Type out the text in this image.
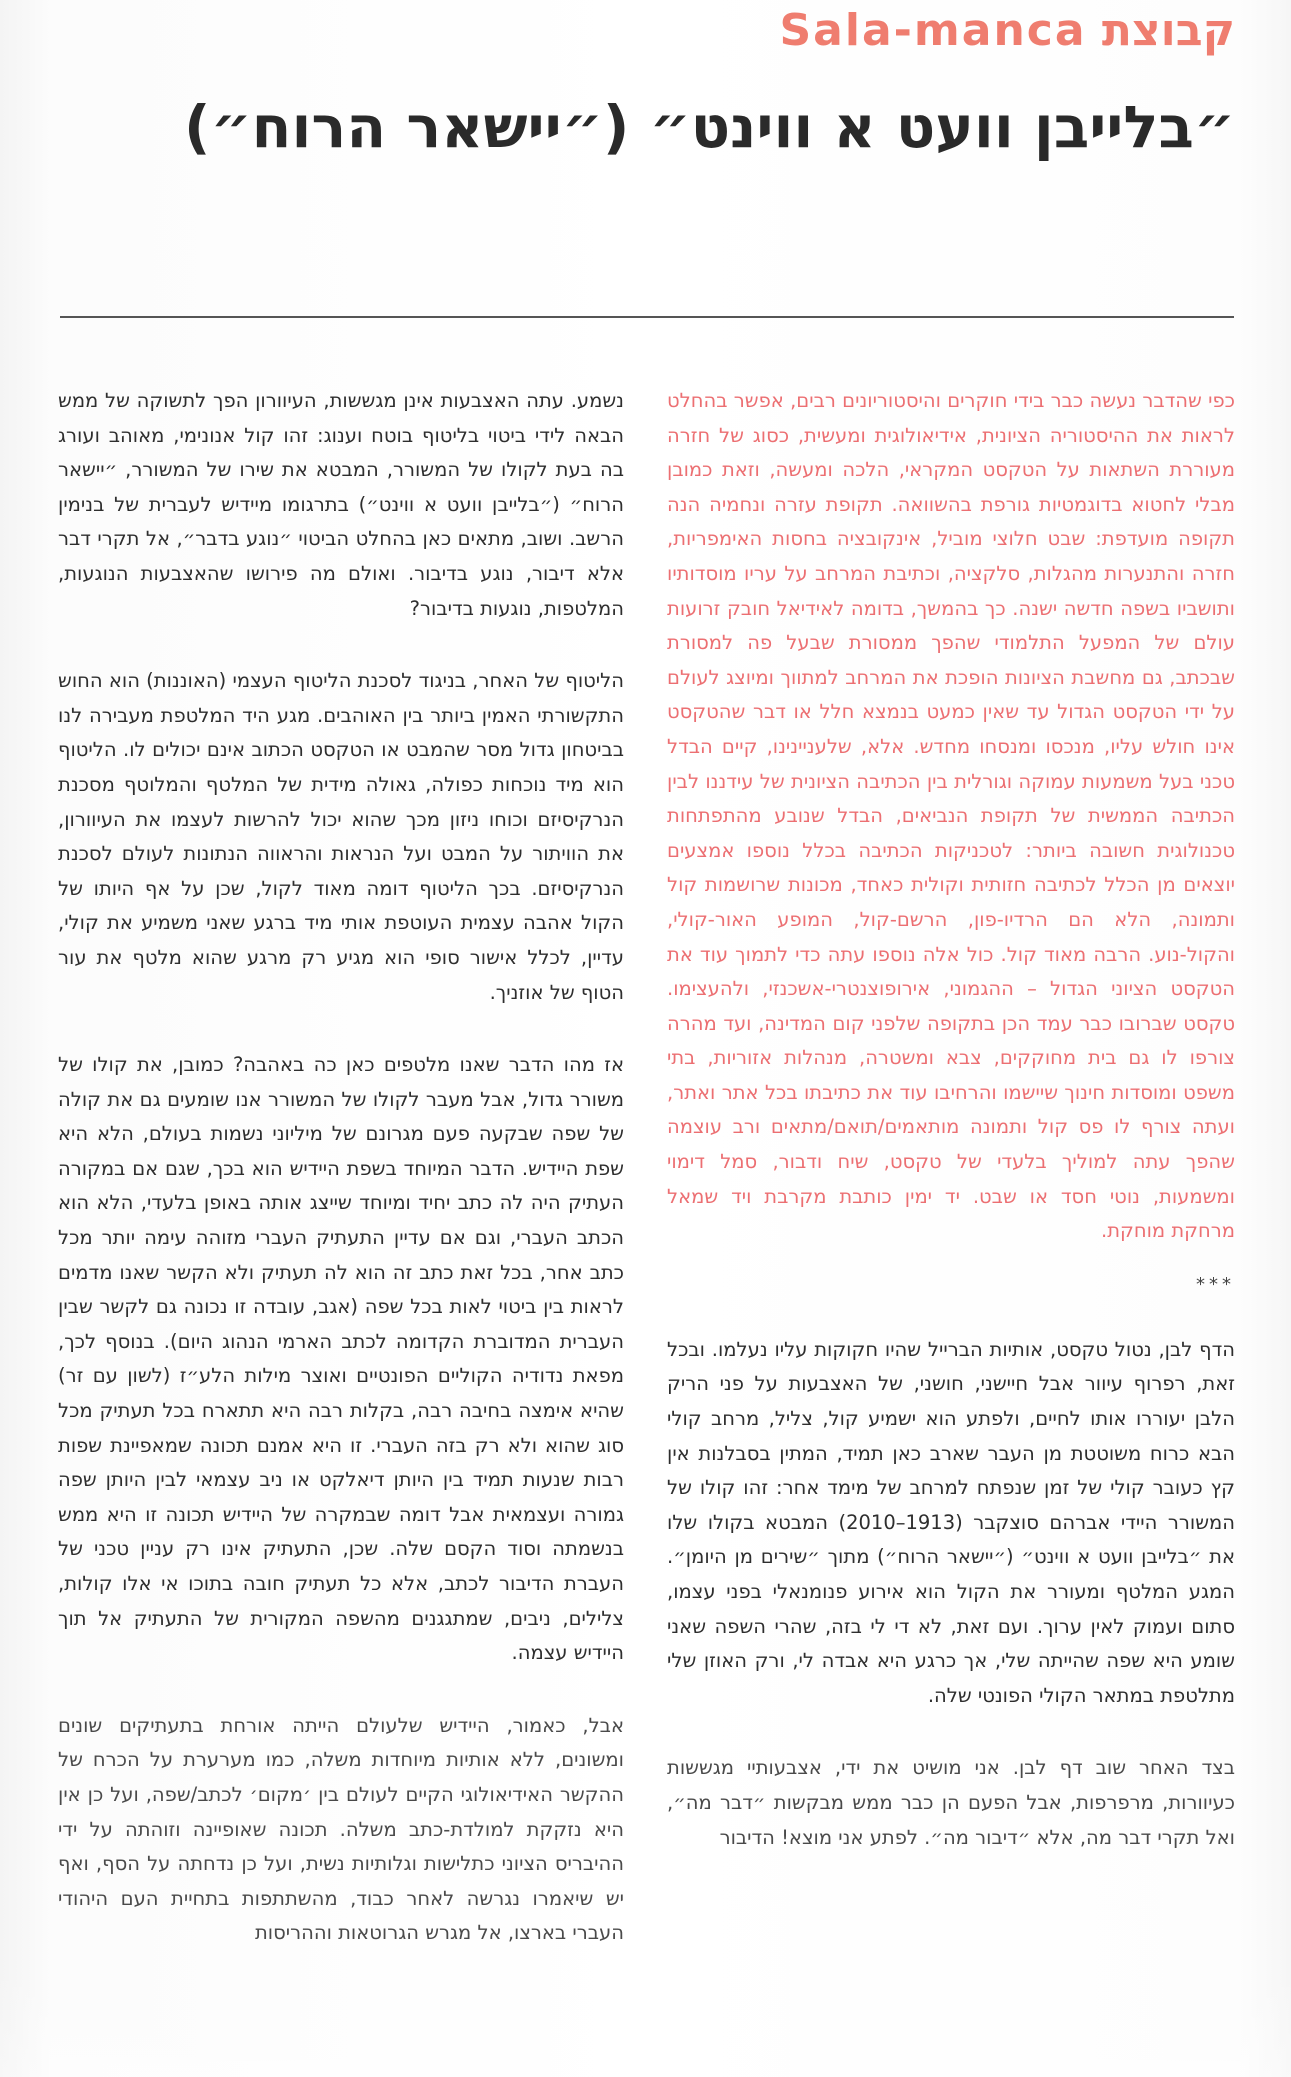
קבוצת Sala-manca
״בלייבן וועט א ווינט״ (״יישאר הרוח״)

כפי שהדבר נעשה כבר בידי חוקרים והיסטוריונים רבים, אפשר בהחלט לראות את ההיסטוריה הציונית, אידיאולוגית ומעשית, כסוג של חזרה מעוררת השתאות על הטקסט המקראי, הלכה ומעשה, וזאת כמובן מבלי לחטוא בדוגמטיות גורפת בהשוואה. תקופת עזרה ונחמיה הנה תקופה מועדפת: שבט חלוצי מוביל, אינקובציה בחסות האימפריות, חזרה והתנערות מהגלות, סלקציה, וכתיבת המרחב על עריו מוסדותיו ותושביו בשפה חדשה ישנה. כך בהמשך, בדומה לאידיאל חובק זרועות עולם של המפעל התלמודי שהפך ממסורת שבעל פה למסורת שבכתב, גם מחשבת הציונות הופכת את המרחב למתווך ומיוצג לעולם על ידי הטקסט הגדול עד שאין כמעט בנמצא חלל או דבר שהטקסט אינו חולש עליו, מנכסו ומנסחו מחדש. אלא, שלעניינינו, קיים הבדל טכני בעל משמעות עמוקה וגורלית בין הכתיבה הציונית של עידננו לבין הכתיבה הממשית של תקופת הנביאים, הבדל שנובע מהתפתחות טכנולוגית חשובה ביותר: לטכניקות הכתיבה בכלל נוספו אמצעים יוצאים מן הכלל לכתיבה חזותית וקולית כאחד, מכונות שרושמות קול ותמונה, הלא הם הרדיו-פון, הרשם-קול, המופע האור-קולי, והקול-נוע. הרבה מאוד קול. כול אלה נוספו עתה כדי לתמוך עוד את הטקסט הציוני הגדול – ההגמוני, אירופוצנטרי-אשכנזי, ולהעצימו. טקסט שברובו כבר עמד הכן בתקופה שלפני קום המדינה, ועד מהרה צורפו לו גם בית מחוקקים, צבא ומשטרה, מנהלות אזוריות, בתי משפט ומוסדות חינוך שיישמו והרחיבו עוד את כתיבתו בכל אתר ואתר, ועתה צורף לו פס קול ותמונה מותאמים/תואם/מתאים ורב עוצמה שהפך עתה למוליך בלעדי של טקסט, שיח ודבור, סמל דימוי ומשמעות, נוטי חסד או שבט. יד ימין כותבת מקרבת ויד שמאל מרחקת מוחקת.

***

הדף לבן, נטול טקסט, אותיות הברייל שהיו חקוקות עליו נעלמו. ובכל זאת, רפרוף עיוור אבל חיישני, חושני, של האצבעות על פני הריק הלבן יעוררו אותו לחיים, ולפתע הוא ישמיע קול, צליל, מרחב קולי הבא כרוח משוטטת מן העבר שארב כאן תמיד, המתין בסבלנות אין קץ כעובר קולי של זמן שנפתח למרחב של מימד אחר: זהו קולו של המשורר היידי אברהם סוצקבר (1913–2010) המבטא בקולו שלו את ״בלייבן וועט א ווינט״ (״יישאר הרוח״) מתוך ״שירים מן היומן״. המגע המלטף ומעורר את הקול הוא אירוע פנומנאלי בפני עצמו, סתום ועמוק לאין ערוך. ועם זאת, לא די לי בזה, שהרי השפה שאני שומע היא שפה שהייתה שלי, אך כרגע היא אבדה לי, ורק האוזן שלי מתלטפת במתאר הקולי הפונטי שלה.

בצד האחר שוב דף לבן. אני מושיט את ידי, אצבעותיי מגששות כעיוורות, מרפרפות, אבל הפעם הן כבר ממש מבקשות ״דבר מה״, ואל תקרי דבר מה, אלא ״דיבור מה״. לפתע אני מוצא! הדיבור

נשמע. עתה האצבעות אינן מגששות, העיוורון הפך לתשוקה של ממש הבאה לידי ביטוי בליטוף בוטח וענוג: זהו קול אנונימי, מאוהב ועורג בה בעת לקולו של המשורר, המבטא את שירו של המשורר, ״יישאר הרוח״ (״בלייבן וועט א ווינט״) בתרגומו מיידיש לעברית של בנימין הרשב. ושוב, מתאים כאן בהחלט הביטוי ״נוגע בדבר״, אל תקרי דבר אלא דיבור, נוגע בדיבור. ואולם מה פירושו שהאצבעות הנוגעות, המלטפות, נוגעות בדיבור?

הליטוף של האחר, בניגוד לסכנת הליטוף העצמי (האוננות) הוא החוש התקשורתי האמין ביותר בין האוהבים. מגע היד המלטפת מעבירה לנו בביטחון גדול מסר שהמבט או הטקסט הכתוב אינם יכולים לו. הליטוף הוא מיד נוכחות כפולה, גאולה מידית של המלטף והמלוטף מסכנת הנרקיסיזם וכוחו ניזון מכך שהוא יכול להרשות לעצמו את העיוורון, את הוויתור על המבט ועל הנראות והראווה הנתונות לעולם לסכנת הנרקיסיזם. בכך הליטוף דומה מאוד לקול, שכן על אף היותו של הקול אהבה עצמית העוטפת אותי מיד ברגע שאני משמיע את קולי, עדיין, לכלל אישור סופי הוא מגיע רק מרגע שהוא מלטף את עור הטוף של אוזניך.

אז מהו הדבר שאנו מלטפים כאן כה באהבה? כמובן, את קולו של משורר גדול, אבל מעבר לקולו של המשורר אנו שומעים גם את קולה של שפה שבקעה פעם מגרונם של מיליוני נשמות בעולם, הלא היא שפת היידיש. הדבר המיוחד בשפת היידיש הוא בכך, שגם אם במקורה העתיק היה לה כתב יחיד ומיוחד שייצג אותה באופן בלעדי, הלא הוא הכתב העברי, וגם אם עדיין התעתיק העברי מזוהה עימה יותר מכל כתב אחר, בכל זאת כתב זה הוא לה תעתיק ולא הקשר שאנו מדמים לראות בין ביטוי לאות בכל שפה (אגב, עובדה זו נכונה גם לקשר שבין העברית המדוברת הקדומה לכתב הארמי הנהוג היום). בנוסף לכך, מפאת נדודיה הקוליים הפונטיים ואוצר מילות הלע״ז (לשון עם זר) שהיא אימצה בחיבה רבה, בקלות רבה היא תתארח בכל תעתיק מכל סוג שהוא ולא רק בזה העברי. זו היא אמנם תכונה שמאפיינת שפות רבות שנעות תמיד בין היותן דיאלקט או ניב עצמאי לבין היותן שפה גמורה ועצמאית אבל דומה שבמקרה של היידיש תכונה זו היא ממש בנשמתה וסוד הקסם שלה. שכן, התעתיק אינו רק עניין טכני של העברת הדיבור לכתב, אלא כל תעתיק חובה בתוכו אי אלו קולות, צלילים, ניבים, שמתגגנים מהשפה המקורית של התעתיק אל תוך היידיש עצמה.

אבל, כאמור, היידיש שלעולם הייתה אורחת בתעתיקים שונים ומשונים, ללא אותיות מיוחדות משלה, כמו מערערת על הכרח של ההקשר האידיאולוגי הקיים לעולם בין ׳מקום׳ לכתב/שפה, ועל כן אין היא נזקקת למולדת-כתב משלה. תכונה שאופיינה וזוהתה על ידי ההיבריס הציוני כתלישות וגלותיות נשית, ועל כן נדחתה על הסף, ואף יש שיאמרו נגרשה לאחר כבוד, מהשתתפות בתחיית העם היהודי העברי בארצו, אל מגרש הגרוטאות וההריסות
